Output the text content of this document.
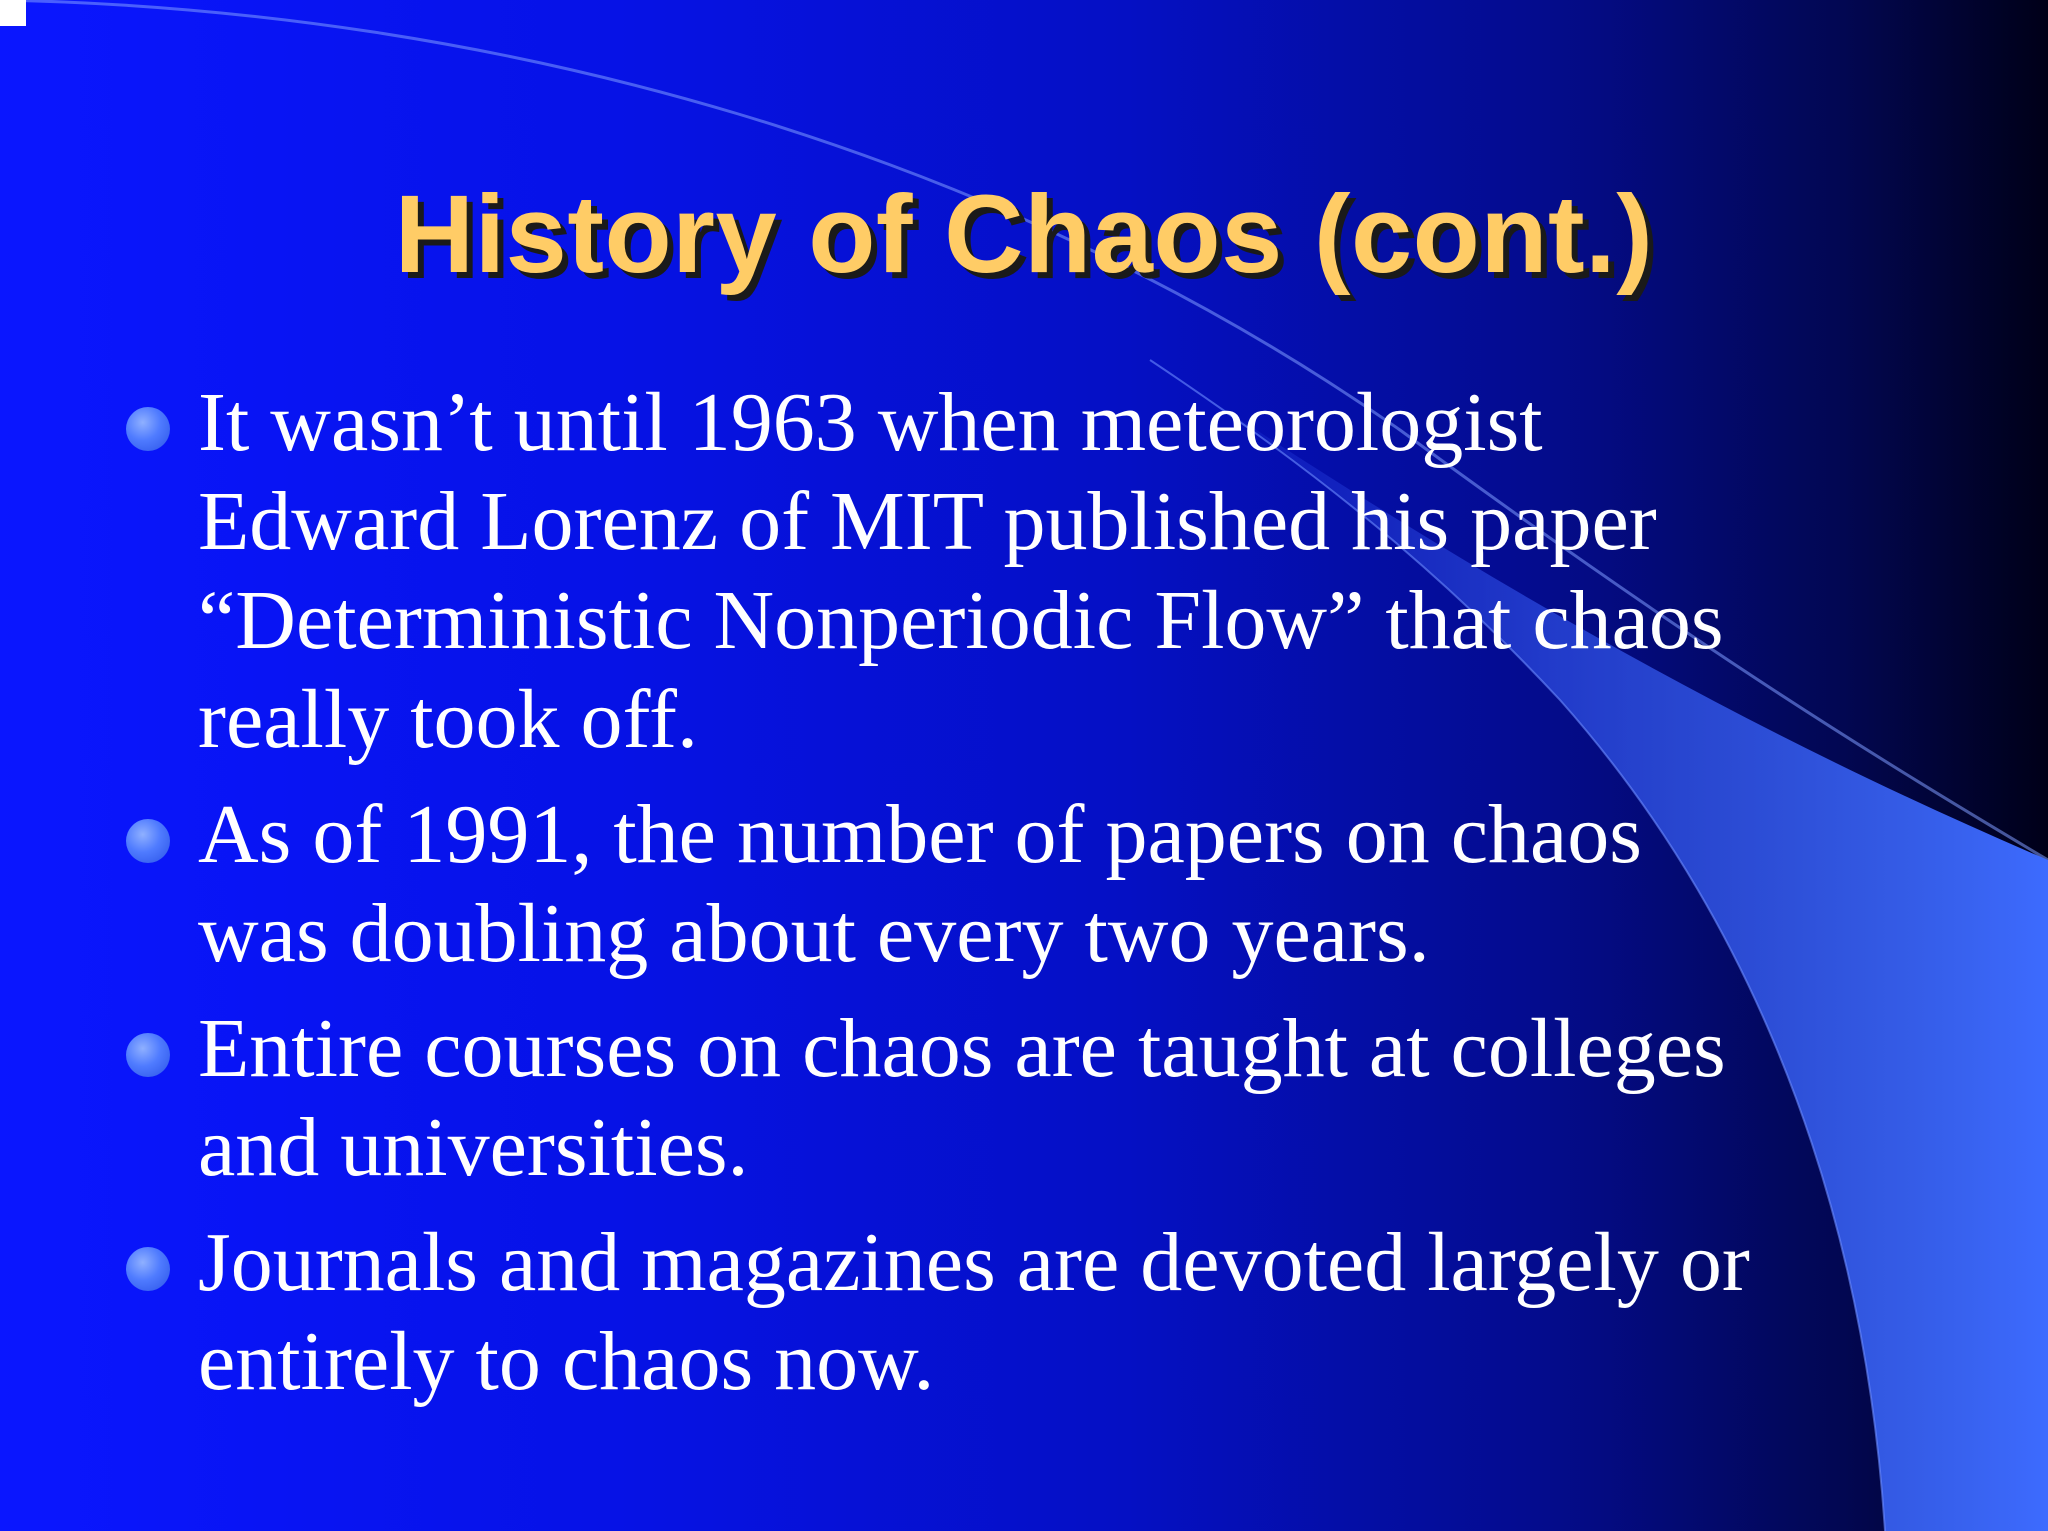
History of Chaos (cont.)
It wasn’t until 1963 when meteorologist
Edward Lorenz of MIT published his paper
“Deterministic Nonperiodic Flow” that chaos
really took off.
As of 1991, the number of papers on chaos
was doubling about every two years.
Entire courses on chaos are taught at colleges
and universities.
Journals and magazines are devoted largely or
entirely to chaos now.
